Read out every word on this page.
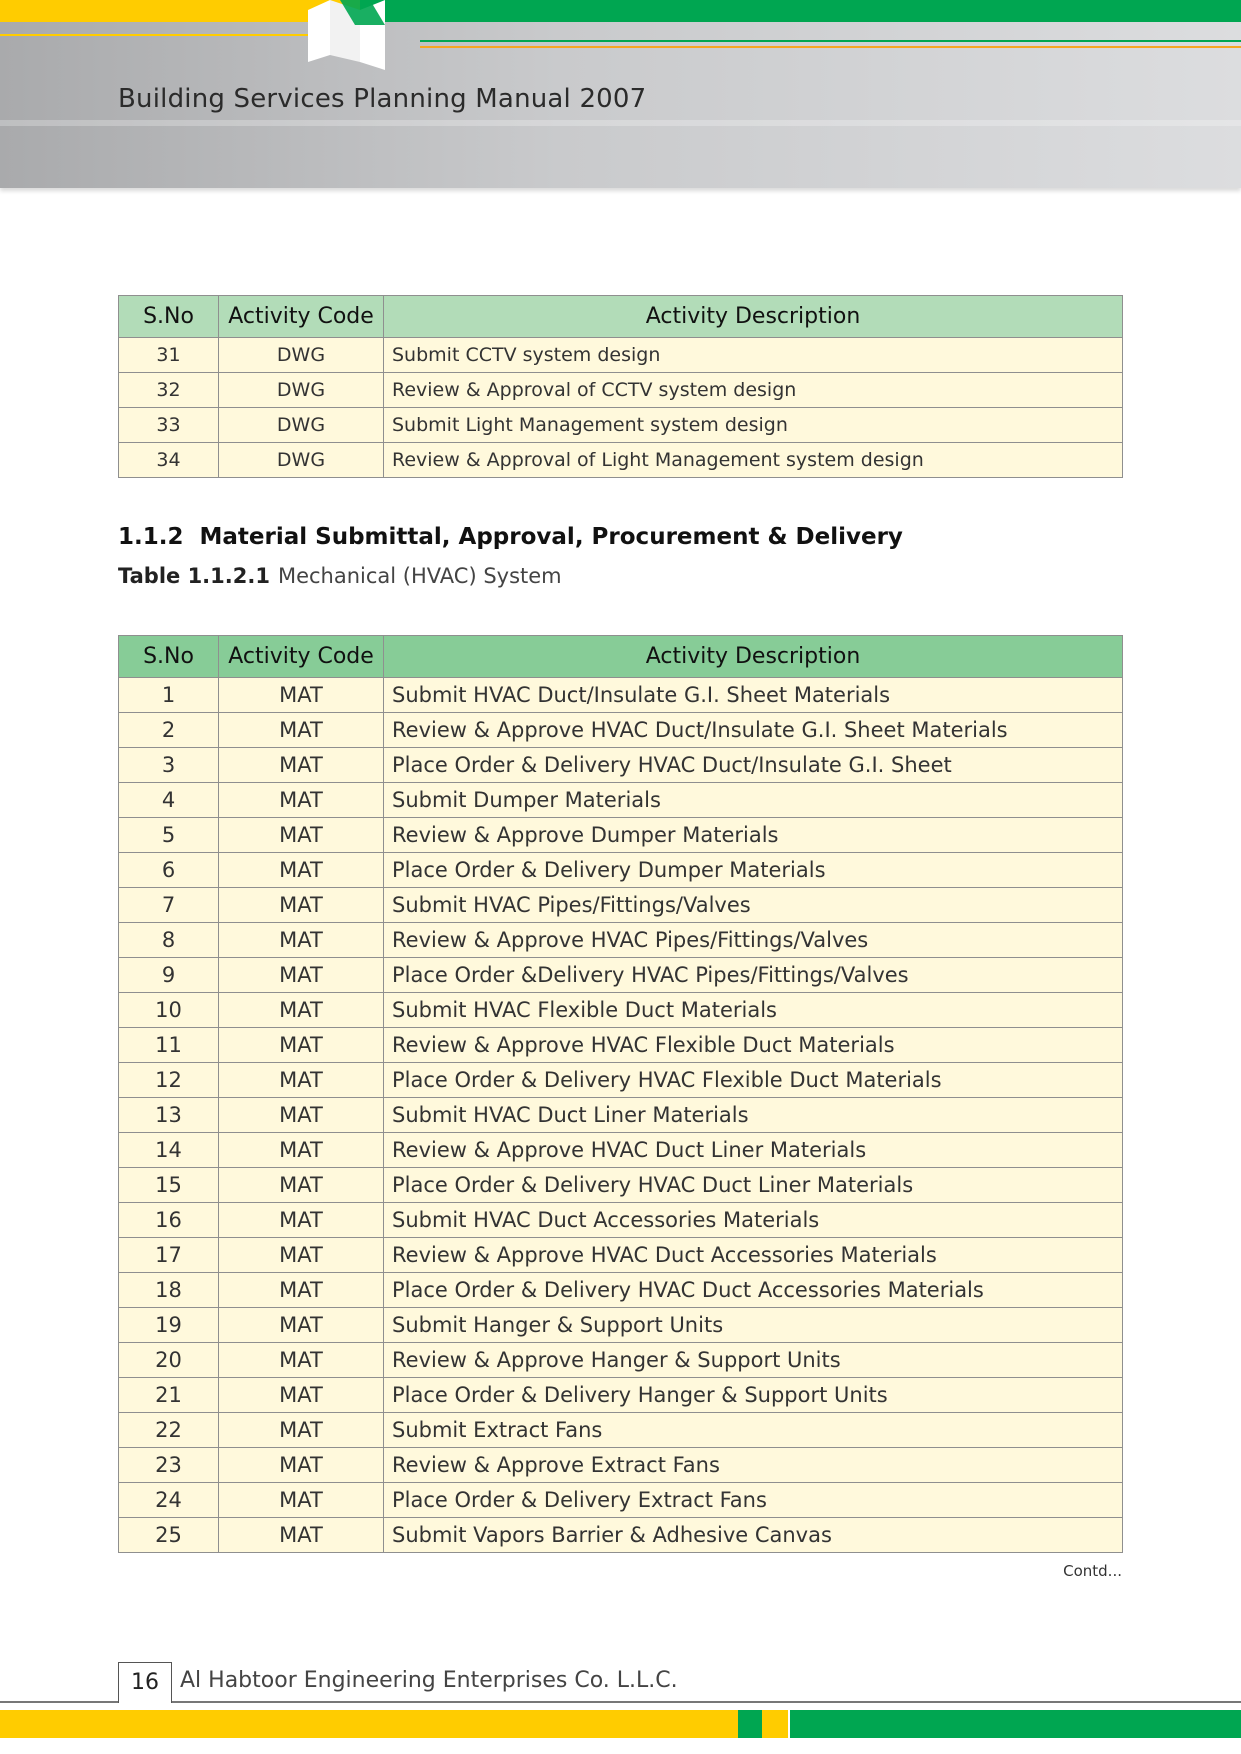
Building Services Planning Manual 2007
S.No	Activity Code	Activity Description
31	DWG	Submit CCTV system design
32	DWG	Review & Approval of CCTV system design
33	DWG	Submit Light Management system design
34	DWG	Review & Approval of Light Management system design
1.1.2 Material Submittal, Approval, Procurement & Delivery
Table 1.1.2.1 Mechanical (HVAC) System
S.No	Activity Code	Activity Description
1	MAT	Submit HVAC Duct/Insulate G.I. Sheet Materials
2	MAT	Review & Approve HVAC Duct/Insulate G.I. Sheet Materials
3	MAT	Place Order & Delivery HVAC Duct/Insulate G.I. Sheet
4	MAT	Submit Dumper Materials
5	MAT	Review & Approve Dumper Materials
6	MAT	Place Order & Delivery Dumper Materials
7	MAT	Submit HVAC Pipes/Fittings/Valves
8	MAT	Review & Approve HVAC Pipes/Fittings/Valves
9	MAT	Place Order &Delivery HVAC Pipes/Fittings/Valves
10	MAT	Submit HVAC Flexible Duct Materials
11	MAT	Review & Approve HVAC Flexible Duct Materials
12	MAT	Place Order & Delivery HVAC Flexible Duct Materials
13	MAT	Submit HVAC Duct Liner Materials
14	MAT	Review & Approve HVAC Duct Liner Materials
15	MAT	Place Order & Delivery HVAC Duct Liner Materials
16	MAT	Submit HVAC Duct Accessories Materials
17	MAT	Review & Approve HVAC Duct Accessories Materials
18	MAT	Place Order & Delivery HVAC Duct Accessories Materials
19	MAT	Submit Hanger & Support Units
20	MAT	Review & Approve Hanger & Support Units
21	MAT	Place Order & Delivery Hanger & Support Units
22	MAT	Submit Extract Fans
23	MAT	Review & Approve Extract Fans
24	MAT	Place Order & Delivery Extract Fans
25	MAT	Submit Vapors Barrier & Adhesive Canvas
Contd...
16 Al Habtoor Engineering Enterprises Co. L.L.C.
